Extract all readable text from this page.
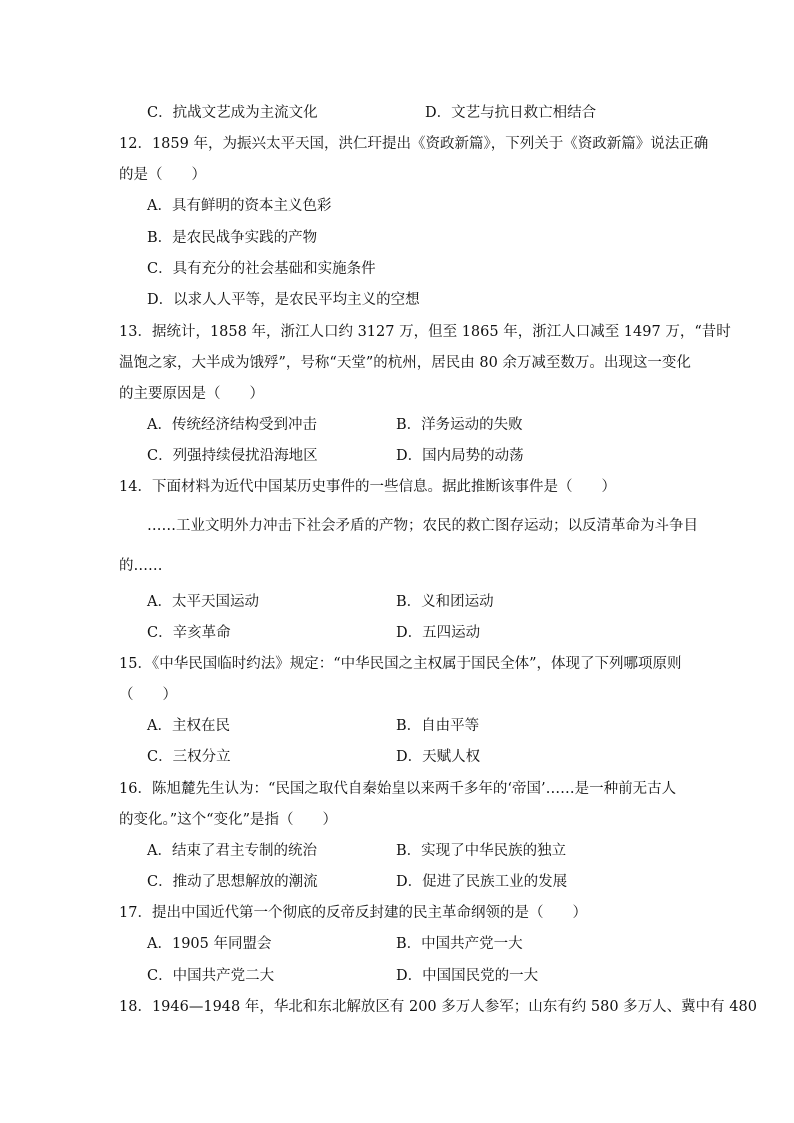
C．抗战文艺成为主流文化	D．文艺与抗日救亡相结合
12．1859 年，为振兴太平天国，洪仁玕提出《资政新篇》，下列关于《资政新篇》说法正确
的是（　　）
A．具有鲜明的资本主义色彩
B．是农民战争实践的产物
C．具有充分的社会基础和实施条件
D．以求人人平等，是农民平均主义的空想
13．据统计，1858 年，浙江人口约 3127 万，但至 1865 年，浙江人口减至 1497 万，“昔时
温饱之家，大半成为饿殍”，号称“天堂”的杭州，居民由 80 余万减至数万。出现这一变化
的主要原因是（　　）
A．传统经济结构受到冲击	B．洋务运动的失败
C．列强持续侵扰沿海地区	D．国内局势的动荡
14．下面材料为近代中国某历史事件的一些信息。据此推断该事件是（　　）
……工业文明外力冲击下社会矛盾的产物；农民的救亡图存运动；以反清革命为斗争目
的……
A．太平天国运动	B．义和团运动
C．辛亥革命	D．五四运动
15．《中华民国临时约法》规定：“中华民国之主权属于国民全体”，体现了下列哪项原则
（　　）
A．主权在民	B．自由平等
C．三权分立	D．天赋人权
16．陈旭麓先生认为：“民国之取代自秦始皇以来两千多年的‘帝国’……是一种前无古人
的变化。”这个“变化”是指（　　）
A．结束了君主专制的统治	B．实现了中华民族的独立
C．推动了思想解放的潮流	D．促进了民族工业的发展
17．提出中国近代第一个彻底的反帝反封建的民主革命纲领的是（　　）
A．1905 年同盟会	B．中国共产党一大
C．中国共产党二大	D．中国国民党的一大
18．1946—1948 年，华北和东北解放区有 200 多万人参军；山东有约 580 多万人、冀中有 480
